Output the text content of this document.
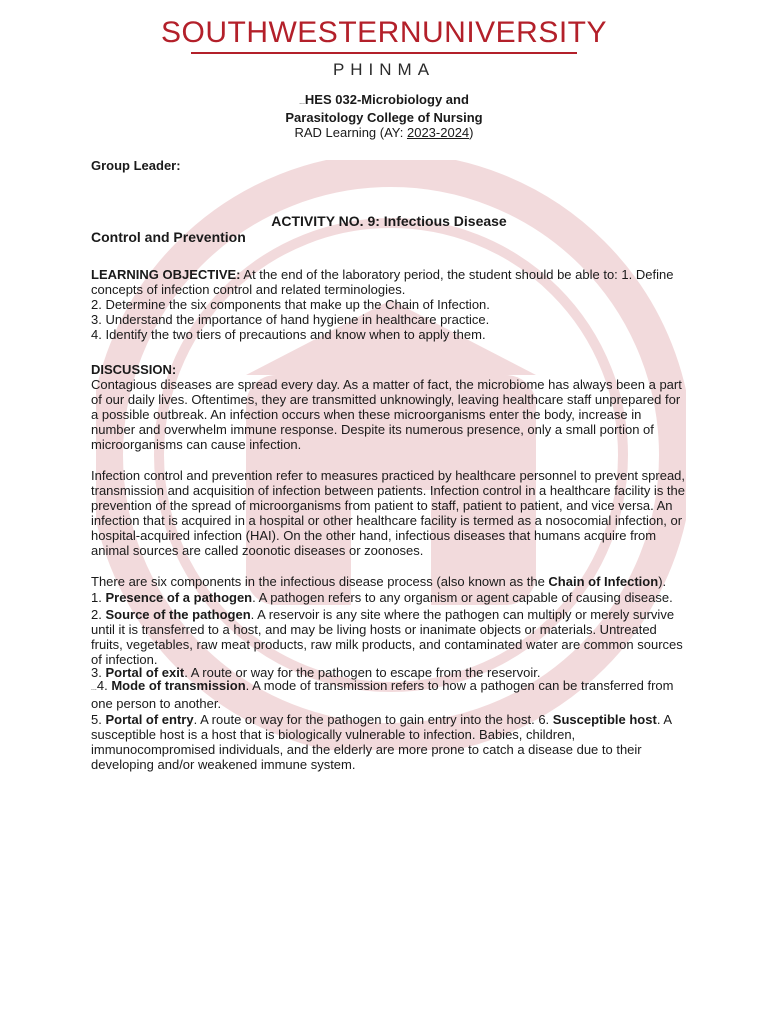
SOUTHWESTERNUNIVERSITY
PHINMA
...HES 032-Microbiology and
Parasitology College of Nursing
RAD Learning (AY: 2023-2024)
Group Leader:
ACTIVITY NO. 9: Infectious Disease
Control and Prevention
LEARNING OBJECTIVE: At the end of the laboratory period, the student should be able to: 1. Define concepts of infection control and related terminologies.
2. Determine the six components that make up the Chain of Infection.
3. Understand the importance of hand hygiene in healthcare practice.
4. Identify the two tiers of precautions and know when to apply them.
DISCUSSION:
Contagious diseases are spread every day. As a matter of fact, the microbiome has always been a part of our daily lives. Oftentimes, they are transmitted unknowingly, leaving healthcare staff unprepared for a possible outbreak. An infection occurs when these microorganisms enter the body, increase in number and overwhelm immune response. Despite its numerous presence, only a small portion of microorganisms can cause infection.
Infection control and prevention refer to measures practiced by healthcare personnel to prevent spread, transmission and acquisition of infection between patients. Infection control in a healthcare facility is the prevention of the spread of microorganisms from patient to staff, patient to patient, and vice versa. An infection that is acquired in a hospital or other healthcare facility is termed as a nosocomial infection, or hospital-acquired infection (HAI). On the other hand, infectious diseases that humans acquire from animal sources are called zoonotic diseases or zoonoses.
There are six components in the infectious disease process (also known as the Chain of Infection).
1. Presence of a pathogen. A pathogen refers to any organism or agent capable of causing disease.
2. Source of the pathogen. A reservoir is any site where the pathogen can multiply or merely survive until it is transferred to a host, and may be living hosts or inanimate objects or materials. Untreated fruits, vegetables, raw meat products, raw milk products, and contaminated water are common sources of infection.
3. Portal of exit. A route or way for the pathogen to escape from the reservoir.
...4. Mode of transmission. A mode of transmission refers to how a pathogen can be transferred from one person to another.
5. Portal of entry. A route or way for the pathogen to gain entry into the host. 6. Susceptible host. A susceptible host is a host that is biologically vulnerable to infection. Babies, children, immunocompromised individuals, and the elderly are more prone to catch a disease due to their developing and/or weakened immune system.
